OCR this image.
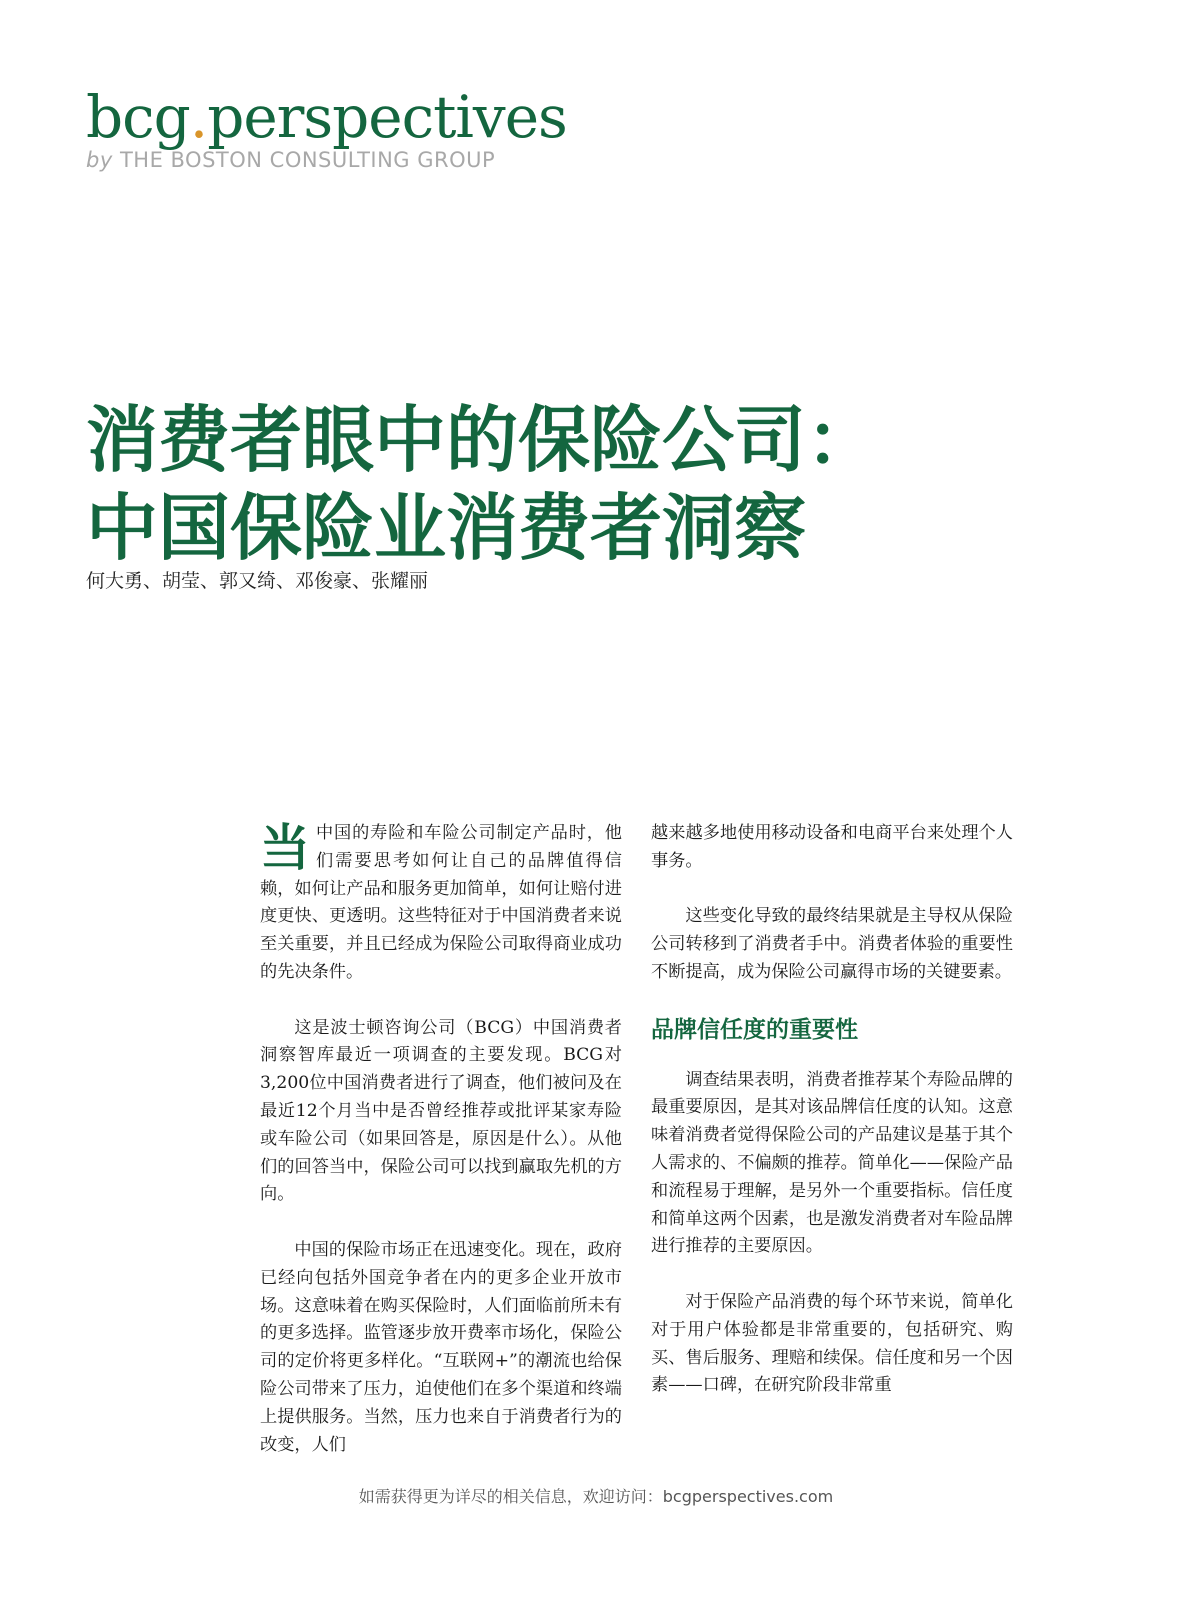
bcg.perspectives
by THE BOSTON CONSULTING GROUP
消费者眼中的保险公司：
中国保险业消费者洞察
何大勇、胡莹、郭又绮、邓俊豪、张耀丽

当中国的寿险和车险公司制定产品时，他们需要思考如何让自己的品牌值得信赖，如何让产品和服务更加简单，如何让赔付进度更快、更透明。这些特征对于中国消费者来说至关重要，并且已经成为保险公司取得商业成功的先决条件。

这是波士顿咨询公司（BCG）中国消费者洞察智库最近一项调查的主要发现。BCG对3,200位中国消费者进行了调查，他们被问及在最近12个月当中是否曾经推荐或批评某家寿险或车险公司（如果回答是，原因是什么）。从他们的回答当中，保险公司可以找到赢取先机的方向。

中国的保险市场正在迅速变化。现在，政府已经向包括外国竞争者在内的更多企业开放市场。这意味着在购买保险时，人们面临前所未有的更多选择。监管逐步放开费率市场化，保险公司的定价将更多样化。“互联网+”的潮流也给保险公司带来了压力，迫使他们在多个渠道和终端上提供服务。当然，压力也来自于消费者行为的改变，人们

越来越多地使用移动设备和电商平台来处理个人事务。

这些变化导致的最终结果就是主导权从保险公司转移到了消费者手中。消费者体验的重要性不断提高，成为保险公司赢得市场的关键要素。

品牌信任度的重要性

调查结果表明，消费者推荐某个寿险品牌的最重要原因，是其对该品牌信任度的认知。这意味着消费者觉得保险公司的产品建议是基于其个人需求的、不偏颇的推荐。简单化——保险产品和流程易于理解，是另外一个重要指标。信任度和简单这两个因素，也是激发消费者对车险品牌进行推荐的主要原因。

对于保险产品消费的每个环节来说，简单化对于用户体验都是非常重要的，包括研究、购买、售后服务、理赔和续保。信任度和另一个因素——口碑，在研究阶段非常重

如需获得更为详尽的相关信息，欢迎访问：bcgperspectives.com
